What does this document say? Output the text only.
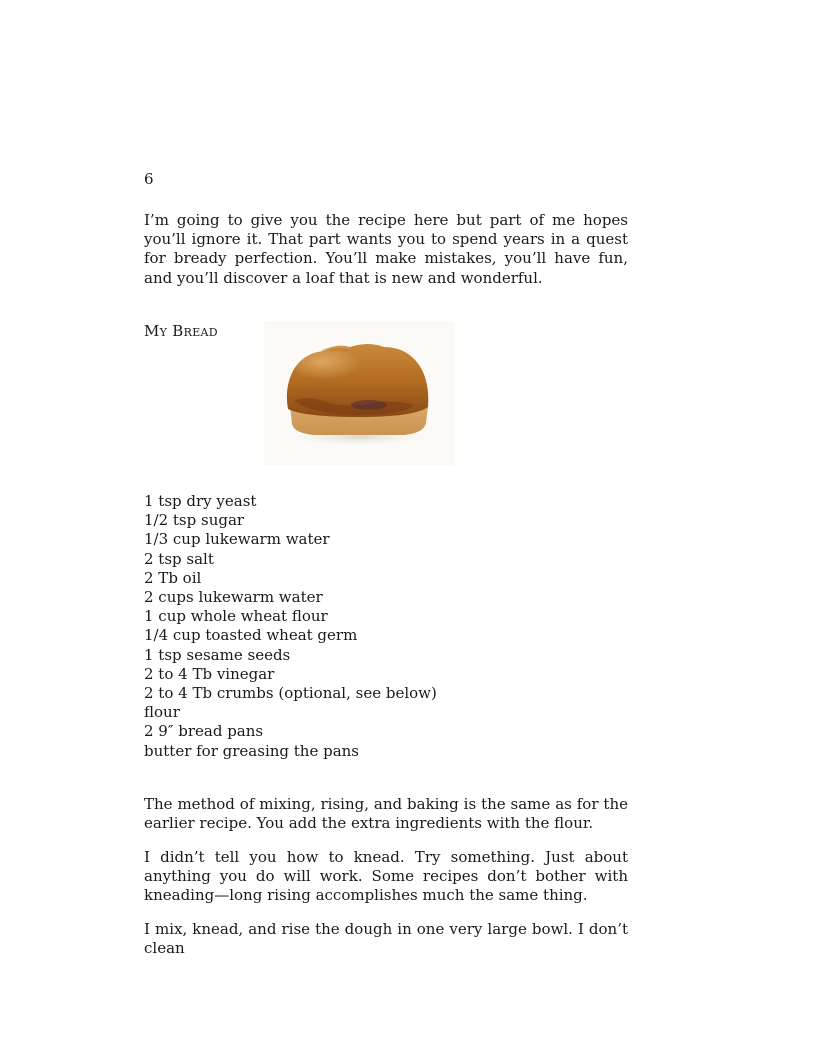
6

I’m going to give you the recipe here but part of me hopes you’ll ignore it. That part wants you to spend years in a quest for bready perfection. You’ll make mistakes, you’ll have fun, and you’ll discover a loaf that is new and wonderful.

My Bread
1 tsp dry yeast
1/2 tsp sugar
1/3 cup lukewarm water
2 tsp salt
2 Tb oil
2 cups lukewarm water
1 cup whole wheat flour
1/4 cup toasted wheat germ
1 tsp sesame seeds
2 to 4 Tb vinegar
2 to 4 Tb crumbs (optional, see below)
flour
2 9″ bread pans
butter for greasing the pans

The method of mixing, rising, and baking is the same as for the earlier recipe. You add the extra ingredients with the flour.

I didn’t tell you how to knead. Try something. Just about anything you do will work. Some recipes don’t bother with kneading—long rising accomplishes much the same thing.

I mix, knead, and rise the dough in one very large bowl. I don’t clean
